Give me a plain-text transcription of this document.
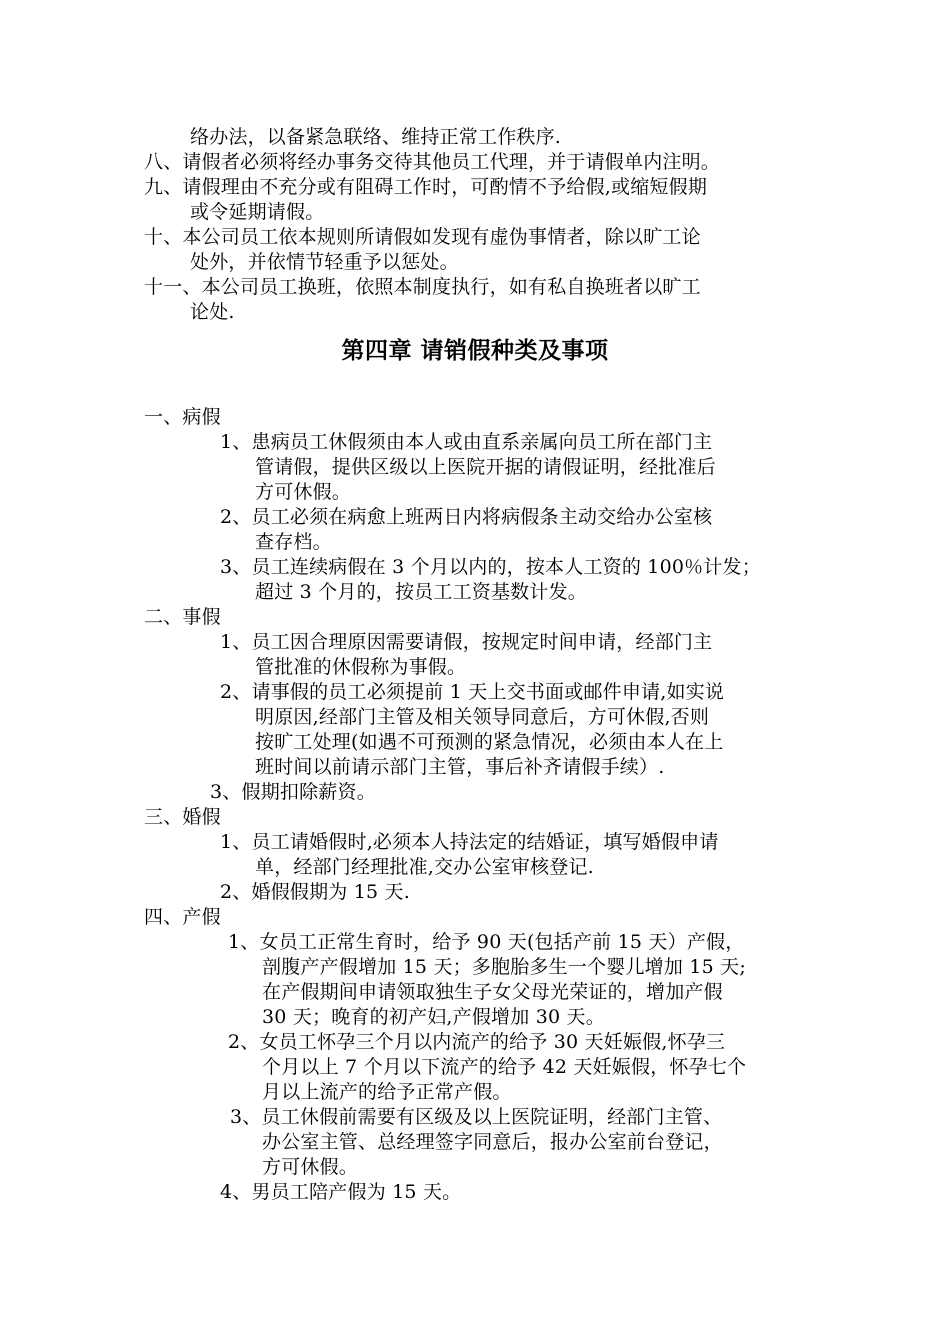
络办法，以备紧急联络、维持正常工作秩序.
八、请假者必须将经办事务交待其他员工代理，并于请假单内注明。
九、请假理由不充分或有阻碍工作时，可酌情不予给假,或缩短假期
或令延期请假。
十、本公司员工依本规则所请假如发现有虚伪事情者，除以旷工论
处外，并依情节轻重予以惩处。
十一、本公司员工换班，依照本制度执行，如有私自换班者以旷工
论处.
第四章 请销假种类及事项
一、病假
1、患病员工休假须由本人或由直系亲属向员工所在部门主
管请假，提供区级以上医院开据的请假证明，经批准后
方可休假。
2、员工必须在病愈上班两日内将病假条主动交给办公室核
查存档。
3、员工连续病假在 3 个月以内的，按本人工资的 100％计发；
超过 3 个月的，按员工工资基数计发。
二、事假
1、员工因合理原因需要请假，按规定时间申请，经部门主
管批准的休假称为事假。
2、请事假的员工必须提前 1 天上交书面或邮件申请,如实说
明原因,经部门主管及相关领导同意后，方可休假,否则
按旷工处理(如遇不可预测的紧急情况，必须由本人在上
班时间以前请示部门主管，事后补齐请假手续）.
3、假期扣除薪资。
三、婚假
1、员工请婚假时,必须本人持法定的结婚证，填写婚假申请
单，经部门经理批准,交办公室审核登记.
2、婚假假期为 15 天.
四、产假
1、女员工正常生育时，给予 90 天(包括产前 15 天）产假，
剖腹产产假增加 15 天；多胞胎多生一个婴儿增加 15 天;
在产假期间申请领取独生子女父母光荣证的，增加产假
30 天；晚育的初产妇,产假增加 30 天。
2、女员工怀孕三个月以内流产的给予 30 天妊娠假,怀孕三
个月以上 7 个月以下流产的给予 42 天妊娠假，怀孕七个
月以上流产的给予正常产假。
3、员工休假前需要有区级及以上医院证明，经部门主管、
办公室主管、总经理签字同意后，报办公室前台登记，
方可休假。
4、男员工陪产假为 15 天。
